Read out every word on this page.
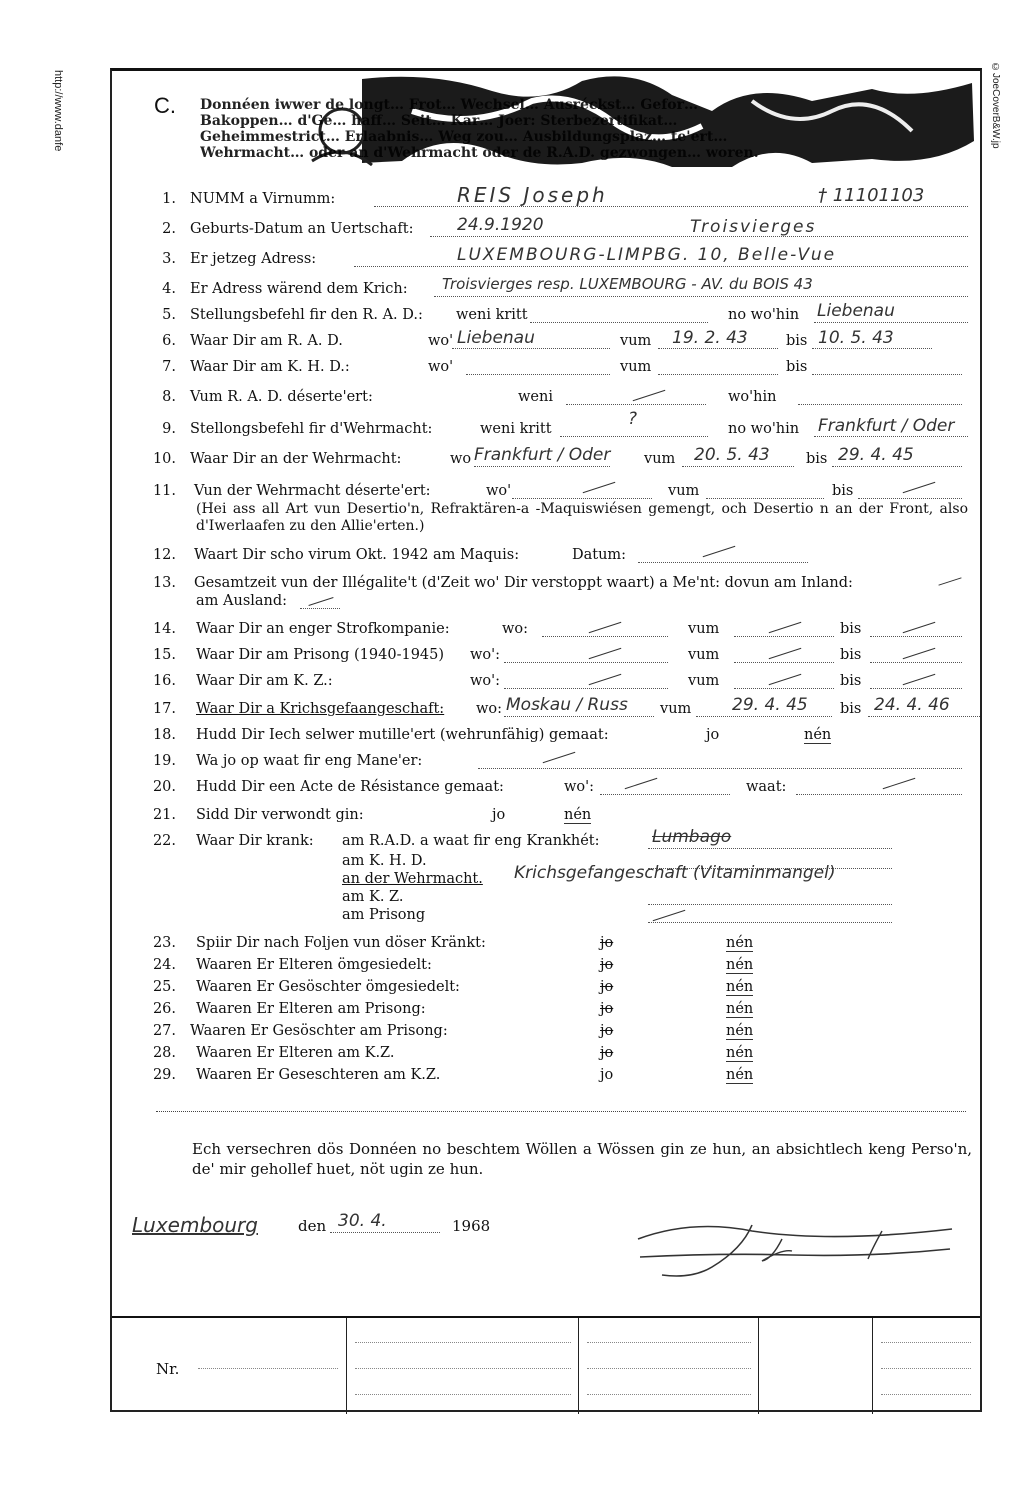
http://www.danfe	©JoeCoverB&W.jp
C. Donnéen iwwer de longt… Frot… Wechsel… Ausréckst… Gefor… Bakoppen… d'Ge… haff… Seit… Kar… Joer: Sterbezertifikat… Geheimmestrict… Erlaabnis… Weg zou… Ausbildungsplaz… te'ert… Wehrmacht… oder an d'Wehrmacht oder de R.A.D. gezwongen… woren.
1. NUMM a Virnumm:	REIS Joseph	† 11101103
2. Geburts-Datum an Uertschaft:	24.9.1920	Troisvierges
3. Er jetzeg Adress:	LUXEMBOURG-LIMPBG. 10, Belle-Vue
4. Er Adress wärend dem Krich: Troisvierges resp. LUXEMBOURG - AV. du BOIS 43
5. Stellungsbefehl fir den R. A. D.: weni kritt	no wo'hin Liebenau
6. Waar Dir am R. A. D.	wo' Liebenau	vum 19. 2. 43	bis 10. 5. 43
7. Waar Dir am K. H. D.:	wo'	vum	bis
8. Vum R. A. D. déserte'ert:	weni	wo'hin
9. Stellongsbefehl fir d'Wehrmacht:	weni kritt	?	no wo'hin Frankfurt / Oder
10. Waar Dir an der Wehrmacht:	wo Frankfurt / Oder vum 20. 5. 43	bis 29. 4. 45
11. Vun der Wehrmacht déserte'ert:	wo'	vum	bis
(Hei ass all Art vun Desertio'n, Refraktären-a -Maquiswiésen gemengt, och Desertio n an der Front, also d'Iwerlaafen zu den Allie'erten.)
12. Waart Dir scho virum Okt. 1942 am Maquis:	Datum:
13. Gesamtzeit vun der Illégalite't (d'Zeit wo' Dir verstoppt waart) a Me'nt: dovun am Inland:
am Ausland:
14. Waar Dir an enger Strofkompanie:	wo:	vum	bis
15. Waar Dir am Prisong (1940-1945) wo':	vum	bis
16. Waar Dir am K. Z.:	wo':	vum	bis
17. Waar Dir a Krichsgefaangeschaft: wo: Moskau / Russ vum 29. 4. 45 bis 24. 4. 46
18. Hudd Dir Iech selwer mutille'ert (wehrunfähig) gemaat:	jo	nén
19. Wa jo op waat fir eng Mane'er:
20. Hudd Dir een Acte de Résistance gemaat:	wo':	waat:
21. Sidd Dir verwondt gin:	jo	nén
22. Waar Dir krank: am R.A.D. a waat fir eng Krankhét:	Lumbago
am K. H. D.
an der Wehrmacht. Krichsgefangeschaft (Vitaminmangel)
am K. Z.
am Prisong
23. Spiir Dir nach Foljen vun döser Kränkt:	jo	nén
24. Waaren Er Elteren ömgesiedelt:	jo	nén
25. Waaren Er Gesöschter ömgesiedelt:	jo	nén
26. Waaren Er Elteren am Prisong:	jo	nén
27. Waaren Er Gesöschter am Prisong:	jo	nén
28. Waaren Er Elteren am K.Z.	jo	nén
29. Waaren Er Geseschteren am K.Z.	jo	nén
Ech versechren dös Donnéen no beschtem Wöllen a Wössen gin ze hun, an absichtlech keng Perso'n, de' mir gehollef huet, nöt ugin ze hun.
Luxembourg	den 30. 4.	1968
Nr.
